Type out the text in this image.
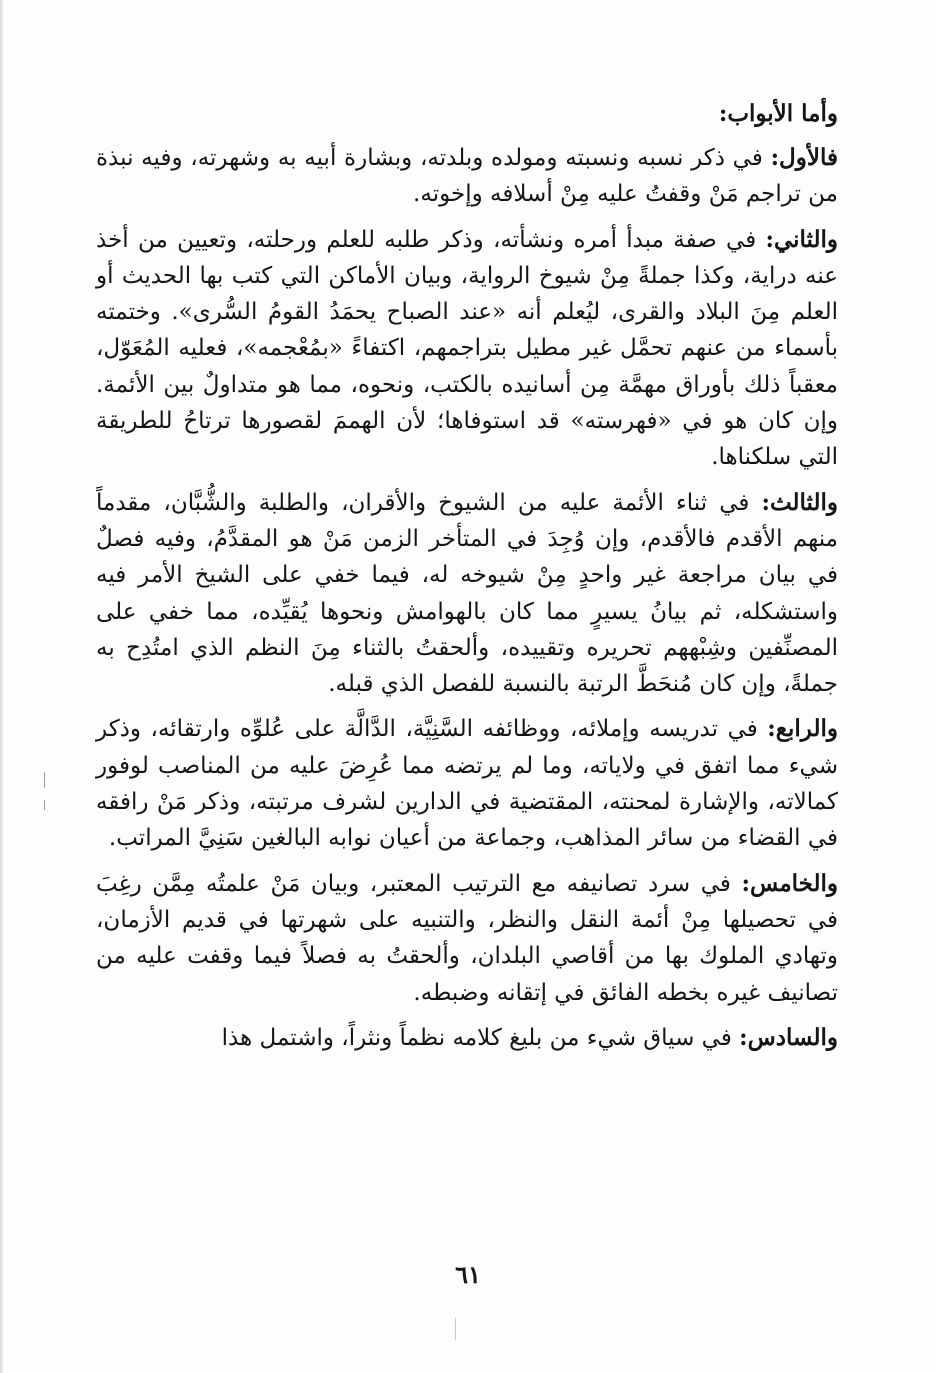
وأما الأبواب:

فالأول: في ذكر نسبه ونسبته ومولده وبلدته، وبشارة أبيه به وشهرته، وفيه نبذة من تراجم مَنْ وقفتُ عليه مِنْ أسلافه وإخوته.

والثاني: في صفة مبدأ أمره ونشأته، وذكر طلبه للعلم ورحلته، وتعيين من أخذ عنه دراية، وكذا جملةً مِنْ شيوخ الرواية، وبيان الأماكن التي كتب بها الحديث أو العلم مِنَ البلاد والقرى، ليُعلم أنه «عند الصباح يحمَدُ القومُ السُّرى». وختمته بأسماء من عنهم تحمَّل غير مطيل بتراجمهم، اكتفاءً «بمُعْجمه»، فعليه المُعَوّل، معقباً ذلك بأوراق مهمَّة مِن أسانيده بالكتب، ونحوه، مما هو متداولٌ بين الأئمة. وإن كان هو في «فهرسته» قد استوفاها؛ لأن الهممَ لقصورها ترتاحُ للطريقة التي سلكناها.

والثالث: في ثناء الأئمة عليه من الشيوخ والأقران، والطلبة والشُّبَّان، مقدماً منهم الأقدم فالأقدم، وإن وُجِدَ في المتأخر الزمن مَنْ هو المقدَّمُ، وفيه فصلٌ في بيان مراجعة غير واحدٍ مِنْ شيوخه له، فيما خفي على الشيخ الأمر فيه واستشكله، ثم بيانُ يسيرٍ مما كان بالهوامش ونحوها يُقيِّده، مما خفي على المصنِّفين وشِبْههم تحريره وتقييده، وألحقتُ بالثناء مِنَ النظم الذي امتُدِح به جملةً، وإن كان مُنحَطَّ الرتبة بالنسبة للفصل الذي قبله.

والرابع: في تدريسه وإملائه، ووظائفه السَّنِيَّة، الدَّالَّة على عُلوِّه وارتقائه، وذكر شيء مما اتفق في ولاياته، وما لم يرتضه مما عُرِضَ عليه من المناصب لوفور كمالاته، والإشارة لمحنته، المقتضية في الدارين لشرف مرتبته، وذكر مَنْ رافقه في القضاء من سائر المذاهب، وجماعة من أعيان نوابه البالغين سَنِيَّ المراتب.

والخامس: في سرد تصانيفه مع الترتيب المعتبر، وبيان مَنْ علمتُه مِمَّن رغِبَ في تحصيلها مِنْ أئمة النقل والنظر، والتنبيه على شهرتها في قديم الأزمان، وتهادي الملوك بها من أقاصي البلدان، وألحقتُ به فصلاً فيما وقفت عليه من تصانيف غيره بخطه الفائق في إتقانه وضبطه.

والسادس: في سياق شيء من بليغ كلامه نظماً ونثراً، واشتمل هذا

٦١
